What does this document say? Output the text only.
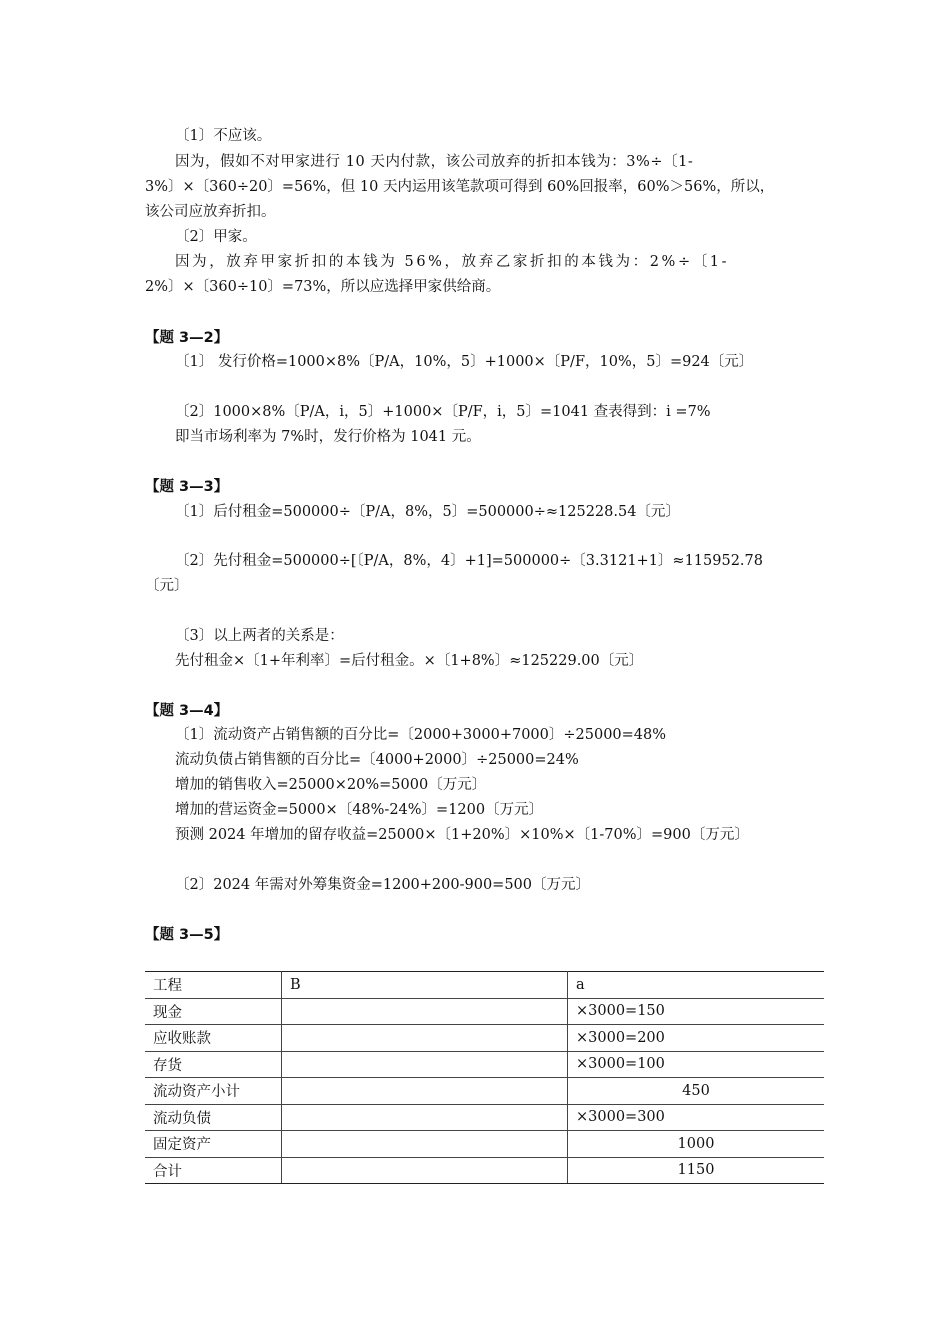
〔1〕不应该。
因为，假如不对甲家进行 10 天内付款，该公司放弃的折扣本钱为：3%÷〔1-
3%〕×〔360÷20〕=56%，但 10 天内运用该笔款项可得到 60%回报率，60%＞56%，所以，
该公司应放弃折扣。
〔2〕甲家。
因为，放弃甲家折扣的本钱为 56%，放弃乙家折扣的本钱为：2%÷〔1-
2%〕×〔360÷10〕=73%，所以应选择甲家供给商。
【题 3—2】
〔1〕 发行价格=1000×8%〔P/A，10%，5〕+1000×〔P/F，10%，5〕=924〔元〕
〔2〕1000×8%〔P/A，i，5〕+1000×〔P/F，i，5〕=1041 查表得到：i =7%
即当市场利率为 7%时，发行价格为 1041 元。
【题 3—3】
〔1〕后付租金=500000÷〔P/A，8%，5〕=500000÷≈125228.54〔元〕
〔2〕先付租金=500000÷[〔P/A，8%，4〕+1]=500000÷〔3.3121+1〕≈115952.78
〔元〕
〔3〕以上两者的关系是：
先付租金×〔1+年利率〕=后付租金。×〔1+8%〕≈125229.00〔元〕
【题 3—4】
〔1〕流动资产占销售额的百分比=〔2000+3000+7000〕÷25000=48%
流动负债占销售额的百分比=〔4000+2000〕÷25000=24%
增加的销售收入=25000×20%=5000〔万元〕
增加的营运资金=5000×〔48%-24%〕=1200〔万元〕
预测 2024 年增加的留存收益=25000×〔1+20%〕×10%×〔1-70%〕=900〔万元〕
〔2〕2024 年需对外筹集资金=1200+200-900=500〔万元〕
【题 3—5】
工程	B	a
现金		×3000=150
应收账款		×3000=200
存货		×3000=100
流动资产小计		450
流动负债		×3000=300
固定资产		1000
合计		1150
